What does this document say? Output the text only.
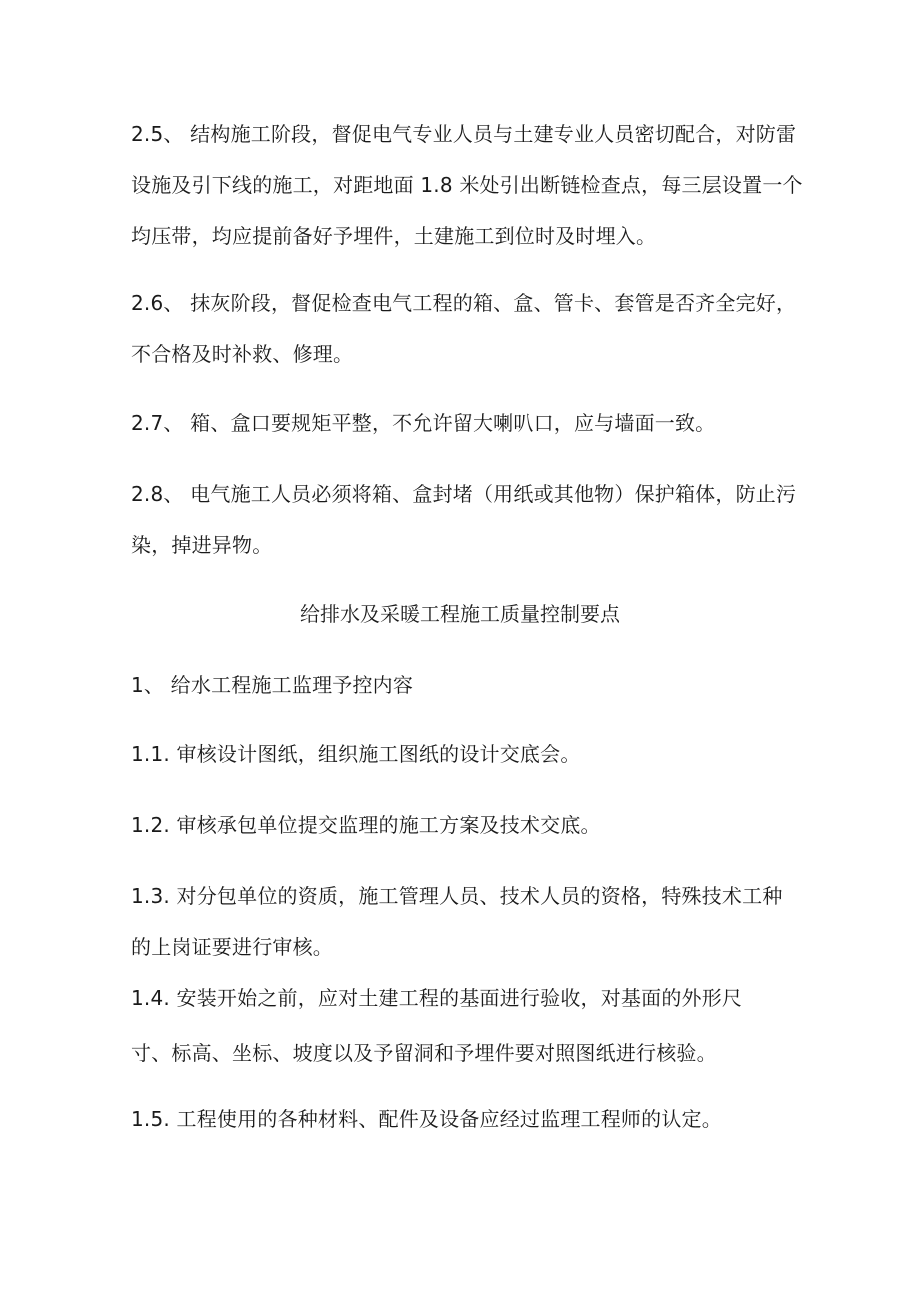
2.5、 结构施工阶段，督促电气专业人员与土建专业人员密切配合，对防雷
设施及引下线的施工，对距地面 1.8 米处引出断链检查点，每三层设置一个
均压带，均应提前备好予埋件，土建施工到位时及时埋入。
2.6、 抹灰阶段，督促检查电气工程的箱、盒、管卡、套管是否齐全完好，
不合格及时补救、修理。
2.7、 箱、盒口要规矩平整，不允许留大喇叭口，应与墙面一致。
2.8、 电气施工人员必须将箱、盒封堵（用纸或其他物）保护箱体，防止污
染，掉进异物。
给排水及采暖工程施工质量控制要点
1、 给水工程施工监理予控内容
1.1. 审核设计图纸，组织施工图纸的设计交底会。
1.2. 审核承包单位提交监理的施工方案及技术交底。
1.3. 对分包单位的资质，施工管理人员、技术人员的资格，特殊技术工种
的上岗证要进行审核。
1.4. 安装开始之前，应对土建工程的基面进行验收，对基面的外形尺
寸、标高、坐标、坡度以及予留洞和予埋件要对照图纸进行核验。
1.5. 工程使用的各种材料、配件及设备应经过监理工程师的认定。
